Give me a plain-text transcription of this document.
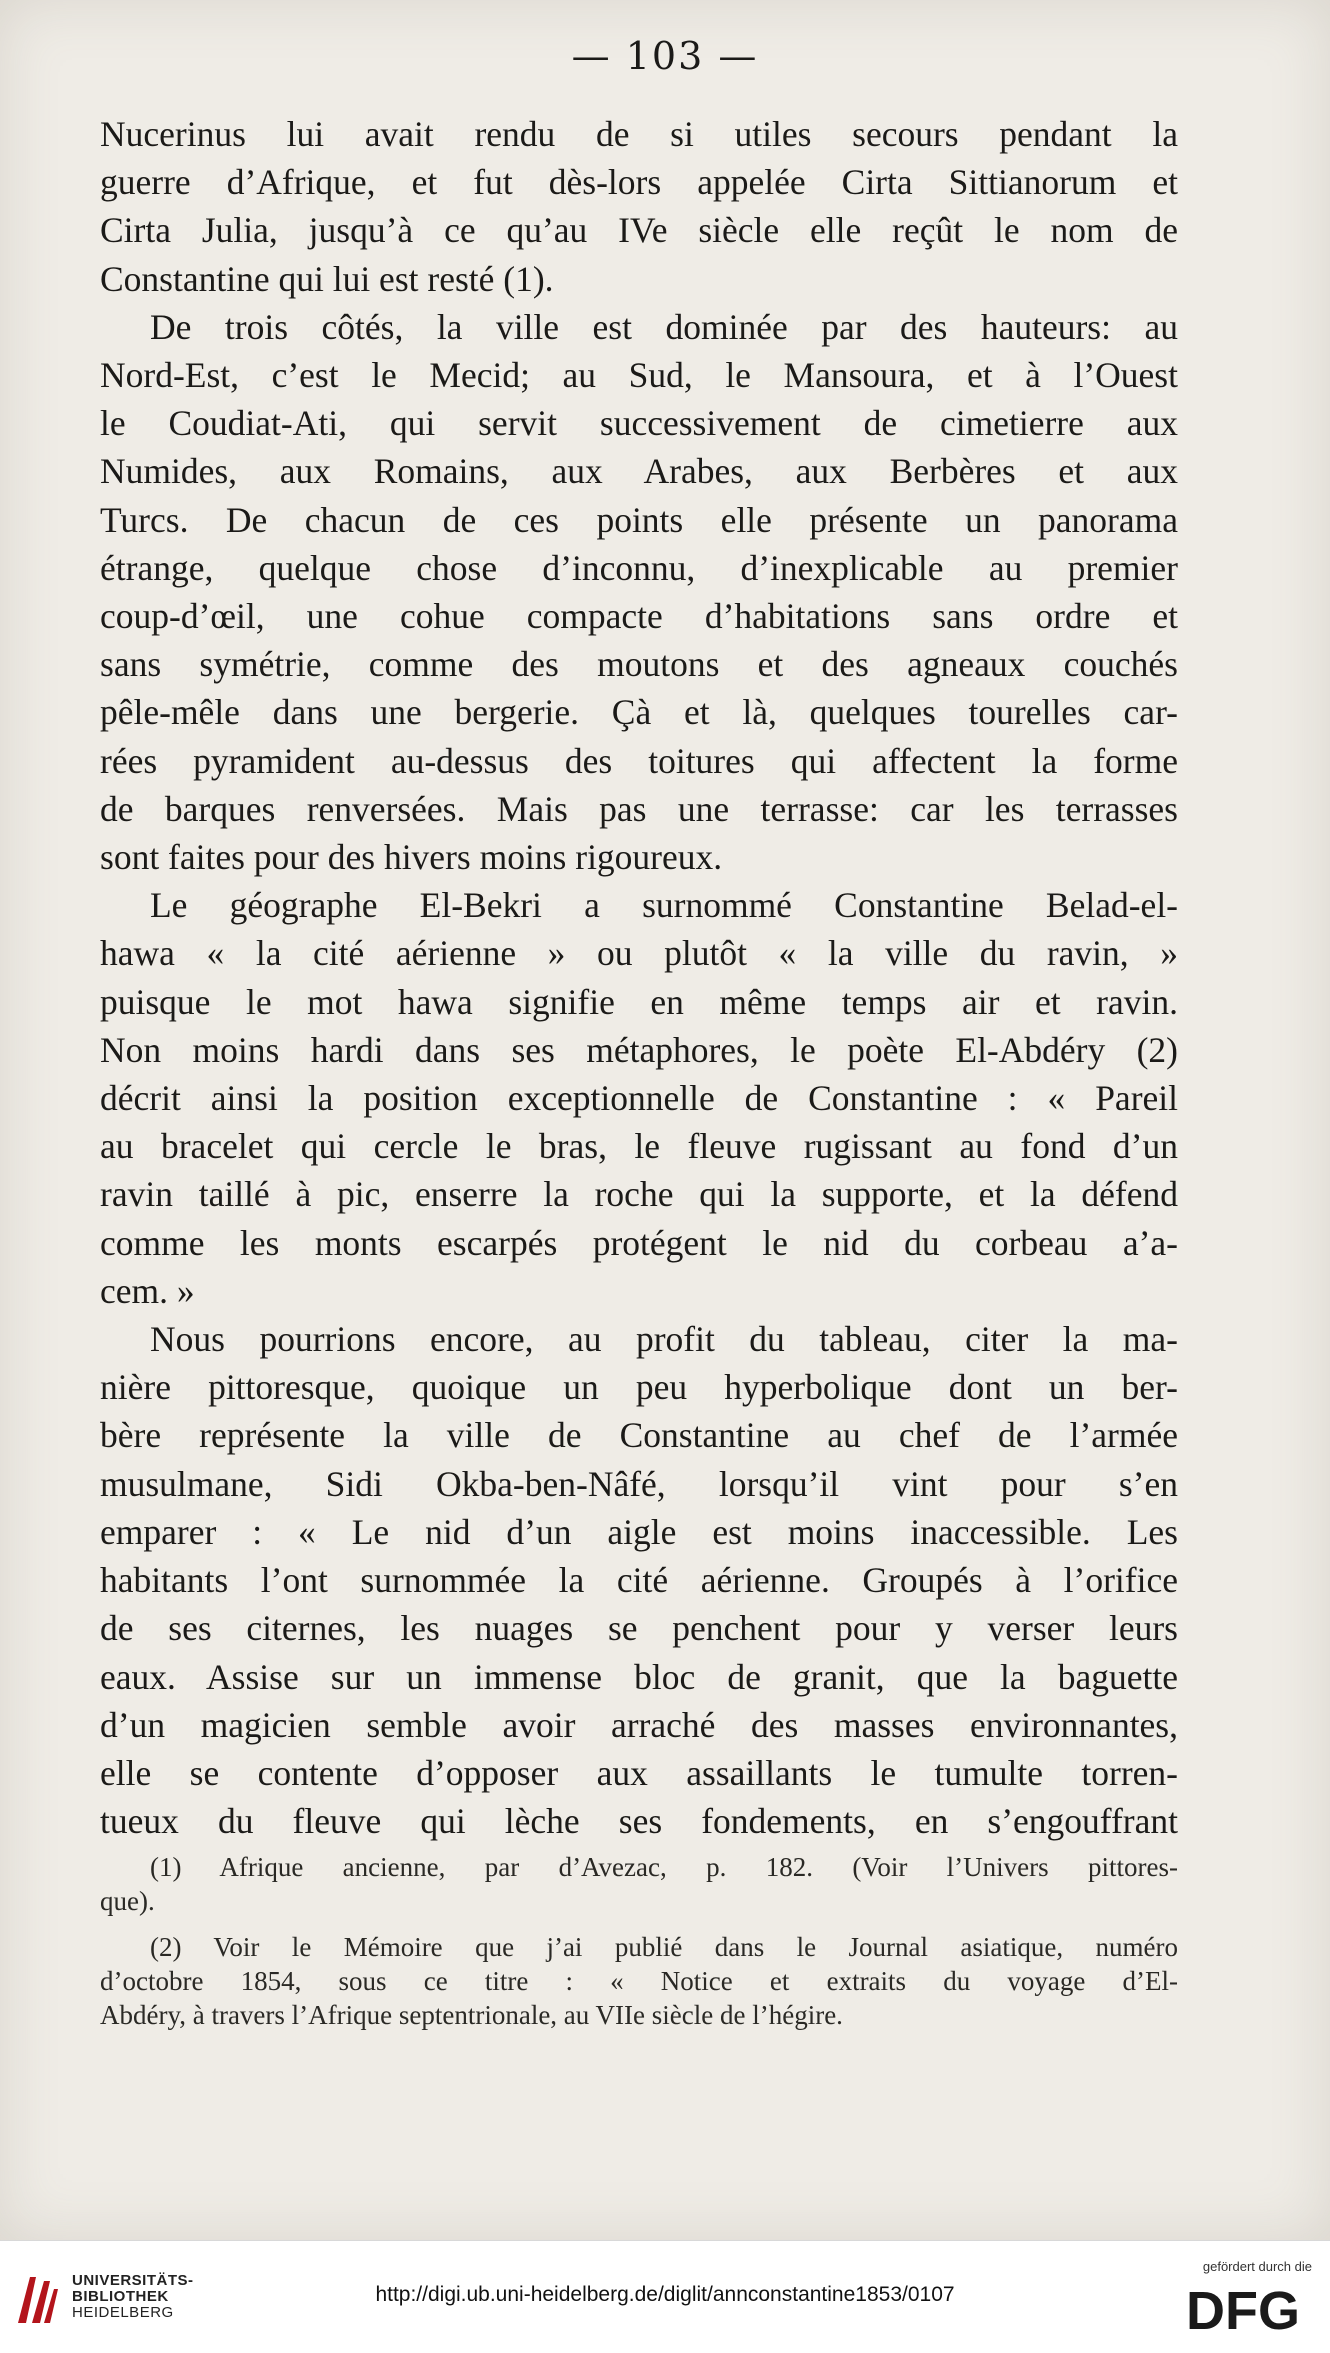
— 103 —
Nucerinus lui avait rendu de si utiles secours pendant la
guerre d’Afrique, et fut dès-lors appelée Cirta Sittianorum et
Cirta Julia, jusqu’à ce qu’au IVe siècle elle reçût le nom de
Constantine qui lui est resté (1).
De trois côtés, la ville est dominée par des hauteurs: au
Nord-Est, c’est le Mecid; au Sud, le Mansoura, et à l’Ouest
le Coudiat-Ati, qui servit successivement de cimetierre aux
Numides, aux Romains, aux Arabes, aux Berbères et aux
Turcs. De chacun de ces points elle présente un panorama
étrange, quelque chose d’inconnu, d’inexplicable au premier
coup-d’œil, une cohue compacte d’habitations sans ordre et
sans symétrie, comme des moutons et des agneaux couchés
pêle-mêle dans une bergerie. Çà et là, quelques tourelles car-
rées pyramident au-dessus des toitures qui affectent la forme
de barques renversées. Mais pas une terrasse: car les terrasses
sont faites pour des hivers moins rigoureux.
Le géographe El-Bekri a surnommé Constantine Belad-el-
hawa « la cité aérienne » ou plutôt « la ville du ravin, »
puisque le mot hawa signifie en même temps air et ravin.
Non moins hardi dans ses métaphores, le poète El-Abdéry (2)
décrit ainsi la position exceptionnelle de Constantine : « Pareil
au bracelet qui cercle le bras, le fleuve rugissant au fond d’un
ravin taillé à pic, enserre la roche qui la supporte, et la défend
comme les monts escarpés protégent le nid du corbeau a’a-
cem. »
Nous pourrions encore, au profit du tableau, citer la ma-
nière pittoresque, quoique un peu hyperbolique dont un ber-
bère représente la ville de Constantine au chef de l’armée
musulmane, Sidi Okba-ben-Nâfé, lorsqu’il vint pour s’en
emparer : « Le nid d’un aigle est moins inaccessible. Les
habitants l’ont surnommée la cité aérienne. Groupés à l’orifice
de ses citernes, les nuages se penchent pour y verser leurs
eaux. Assise sur un immense bloc de granit, que la baguette
d’un magicien semble avoir arraché des masses environnantes,
elle se contente d’opposer aux assaillants le tumulte torren-
tueux du fleuve qui lèche ses fondements, en s’engouffrant
(1) Afrique ancienne, par d’Avezac, p. 182. (Voir l’Univers pittores-
que).
(2) Voir le Mémoire que j’ai publié dans le Journal asiatique, numéro
d’octobre 1854, sous ce titre : « Notice et extraits du voyage d’El-
Abdéry, à travers l’Afrique septentrionale, au VIIe siècle de l’hégire.
UNIVERSITÄTS-
BIBLIOTHEK
HEIDELBERG
http://digi.ub.uni-heidelberg.de/diglit/annconstantine1853/0107
gefördert durch die
DFG
